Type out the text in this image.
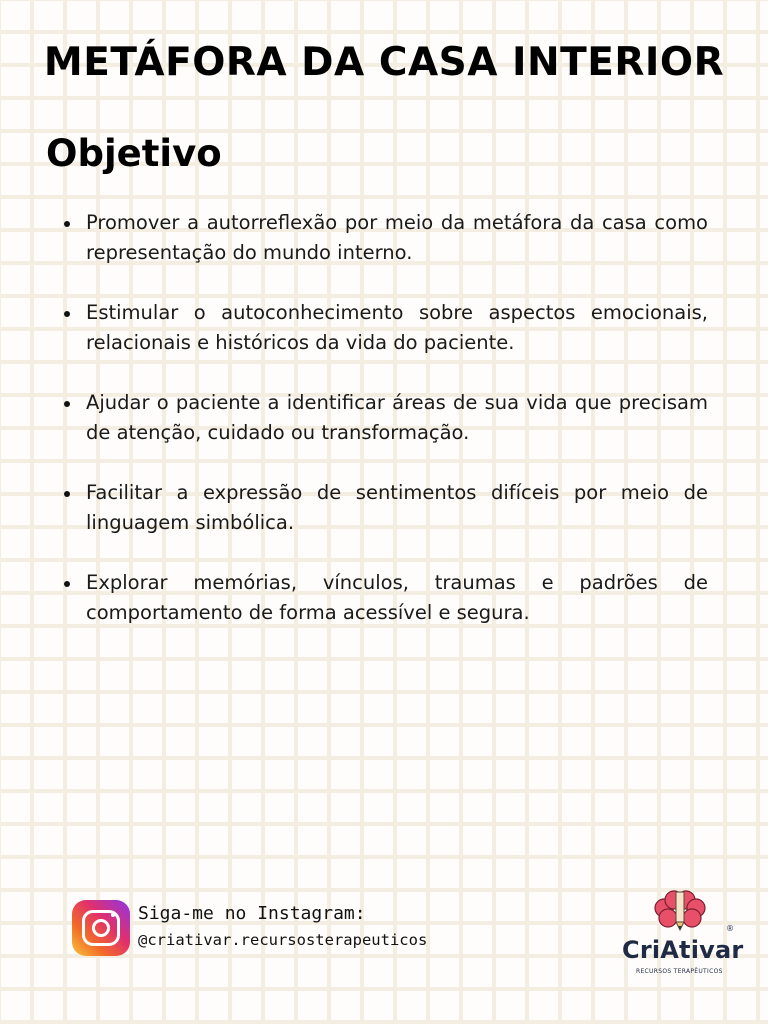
METÁFORA DA CASA INTERIOR
Objetivo
Promover a autorreflexão por meio da metáfora da casa como representação do mundo interno.
Estimular o autoconhecimento sobre aspectos emocionais, relacionais e históricos da vida do paciente.
Ajudar o paciente a identificar áreas de sua vida que precisam de atenção, cuidado ou transformação.
Facilitar a expressão de sentimentos difíceis por meio de linguagem simbólica.
Explorar memórias, vínculos, traumas e padrões de comportamento de forma acessível e segura.
Siga-me no Instagram:
@criativar.recursosterapeuticos	CriAtivar
®
RECURSOS TERAPÊUTICOS
